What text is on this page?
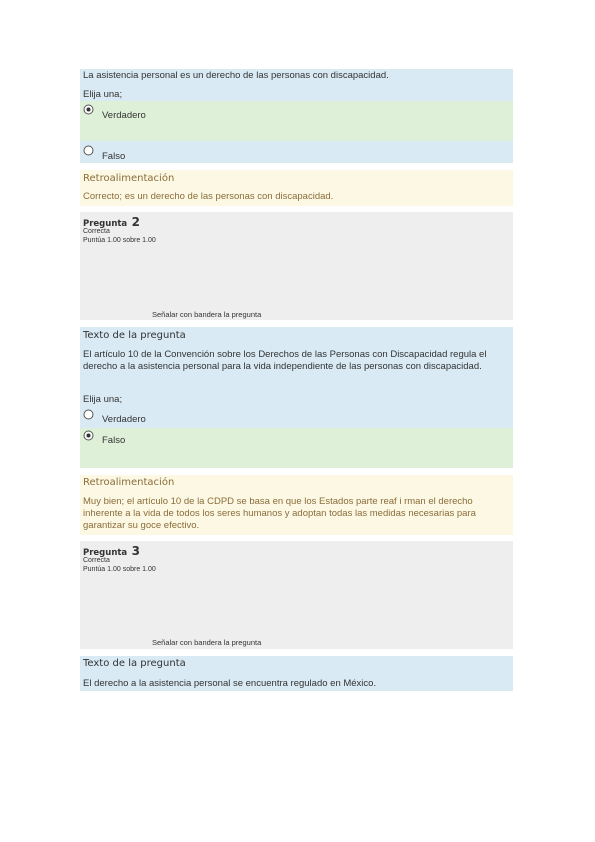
La asistencia personal es un derecho de las personas con discapacidad.
Elija una;
Verdadero
Falso
Retroalimentación
Correcto; es un derecho de las personas con discapacidad.
Pregunta 2
Correcta
Puntúa 1.00 sobre 1.00
Señalar con bandera la pregunta
Texto de la pregunta
El artículo 10 de la Convención sobre los Derechos de las Personas con Discapacidad regula el derecho a la asistencia personal para la vida independiente de las personas con discapacidad.
Elija una;
Verdadero
Falso
Retroalimentación
Muy bien; el artículo 10 de la CDPD se basa en que los Estados parte reaf i rman el derecho inherente a la vida de todos los seres humanos y adoptan todas las medidas necesarias para garantizar su goce efectivo.
Pregunta 3
Correcta
Puntúa 1.00 sobre 1.00
Señalar con bandera la pregunta
Texto de la pregunta
El derecho a la asistencia personal se encuentra regulado en México.
